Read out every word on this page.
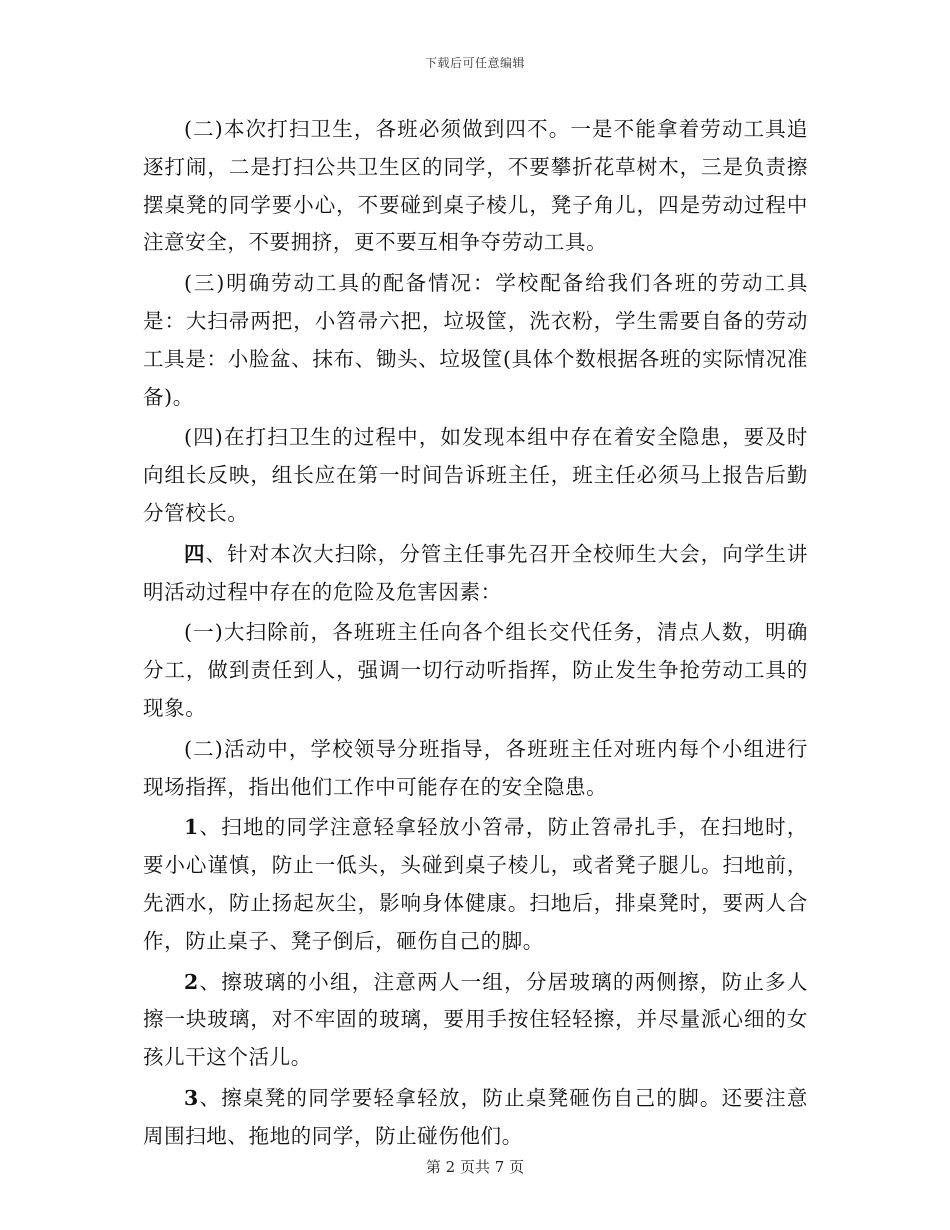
下载后可任意编辑

(二)本次打扫卫生，各班必须做到四不。一是不能拿着劳动工具追逐打闹，二是打扫公共卫生区的同学，不要攀折花草树木，三是负责擦摆桌凳的同学要小心，不要碰到桌子棱儿，凳子角儿，四是劳动过程中注意安全，不要拥挤，更不要互相争夺劳动工具。

(三)明确劳动工具的配备情况：学校配备给我们各班的劳动工具是：大扫帚两把，小笤帚六把，垃圾筐，洗衣粉，学生需要自备的劳动工具是：小脸盆、抹布、锄头、垃圾筐(具体个数根据各班的实际情况准备)。

(四)在打扫卫生的过程中，如发现本组中存在着安全隐患，要及时向组长反映，组长应在第一时间告诉班主任，班主任必须马上报告后勤分管校长。

四、针对本次大扫除，分管主任事先召开全校师生大会，向学生讲明活动过程中存在的危险及危害因素：

(一)大扫除前，各班班主任向各个组长交代任务，清点人数，明确分工，做到责任到人，强调一切行动听指挥，防止发生争抢劳动工具的现象。

(二)活动中，学校领导分班指导，各班班主任对班内每个小组进行现场指挥，指出他们工作中可能存在的安全隐患。

1、扫地的同学注意轻拿轻放小笤帚，防止笤帚扎手，在扫地时，要小心谨慎，防止一低头，头碰到桌子棱儿，或者凳子腿儿。扫地前，先洒水，防止扬起灰尘，影响身体健康。扫地后，排桌凳时，要两人合作，防止桌子、凳子倒后，砸伤自己的脚。

2、擦玻璃的小组，注意两人一组，分居玻璃的两侧擦，防止多人擦一块玻璃，对不牢固的玻璃，要用手按住轻轻擦，并尽量派心细的女孩儿干这个活儿。

3、擦桌凳的同学要轻拿轻放，防止桌凳砸伤自己的脚。还要注意周围扫地、拖地的同学，防止碰伤他们。

第 2 页共 7 页
